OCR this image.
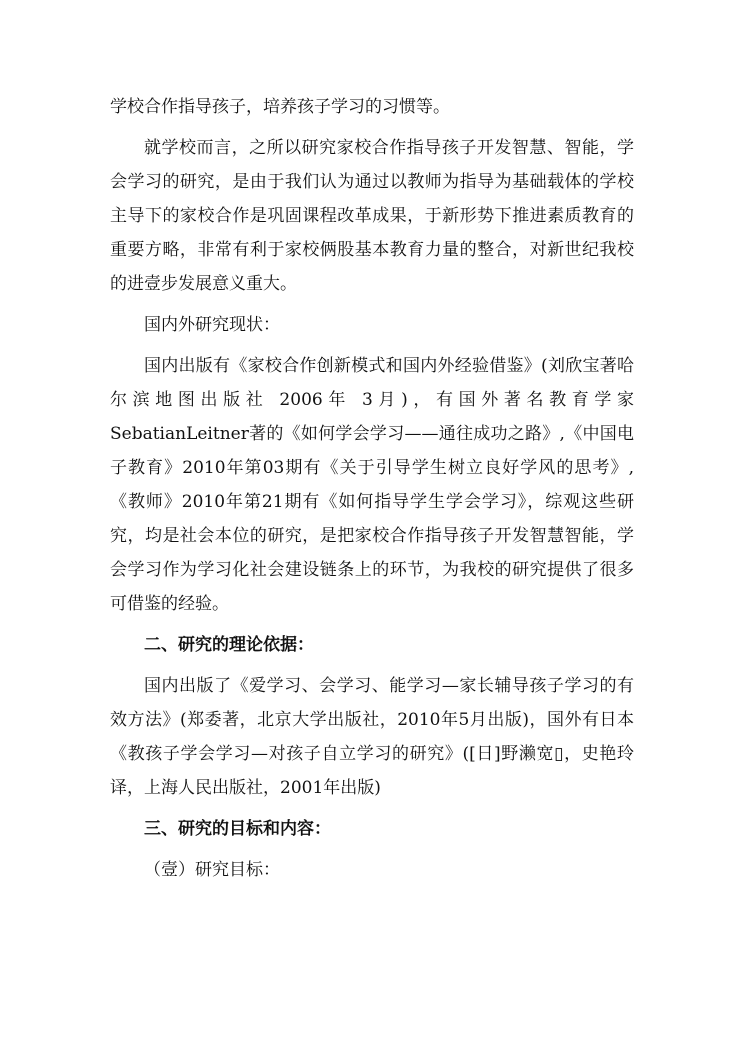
学校合作指导孩子，培养孩子学习的习惯等。

就学校而言，之所以研究家校合作指导孩子开发智慧、智能，学会学习的研究，是由于我们认为通过以教师为指导为基础载体的学校主导下的家校合作是巩固课程改革成果，于新形势下推进素质教育的重要方略，非常有利于家校俩股基本教育力量的整合，对新世纪我校的进壹步发展意义重大。

国内外研究现状：

国内出版有《家校合作创新模式和国内外经验借鉴》(刘欣宝著哈尔滨地图出版社 2006年 3月)，有国外著名教育学家SebatianLeitner著的《如何学会学习——通往成功之路》,《中国电子教育》2010年第03期有《关于引导学生树立良好学风的思考》,《教师》2010年第21期有《如何指导学生学会学习》，综观这些研究，均是社会本位的研究，是把家校合作指导孩子开发智慧智能，学会学习作为学习化社会建设链条上的环节，为我校的研究提供了很多可借鉴的经验。

二、研究的理论依据：

国内出版了《爱学习、会学习、能学习—家长辅导孩子学习的有效方法》(郑委著，北京大学出版社，2010年5月出版)，国外有日本《教孩子学会学习—对孩子自立学习的研究》([日]野濑宽▯，史艳玲译，上海人民出版社，2001年出版)

三、研究的目标和内容：

（壹）研究目标：
